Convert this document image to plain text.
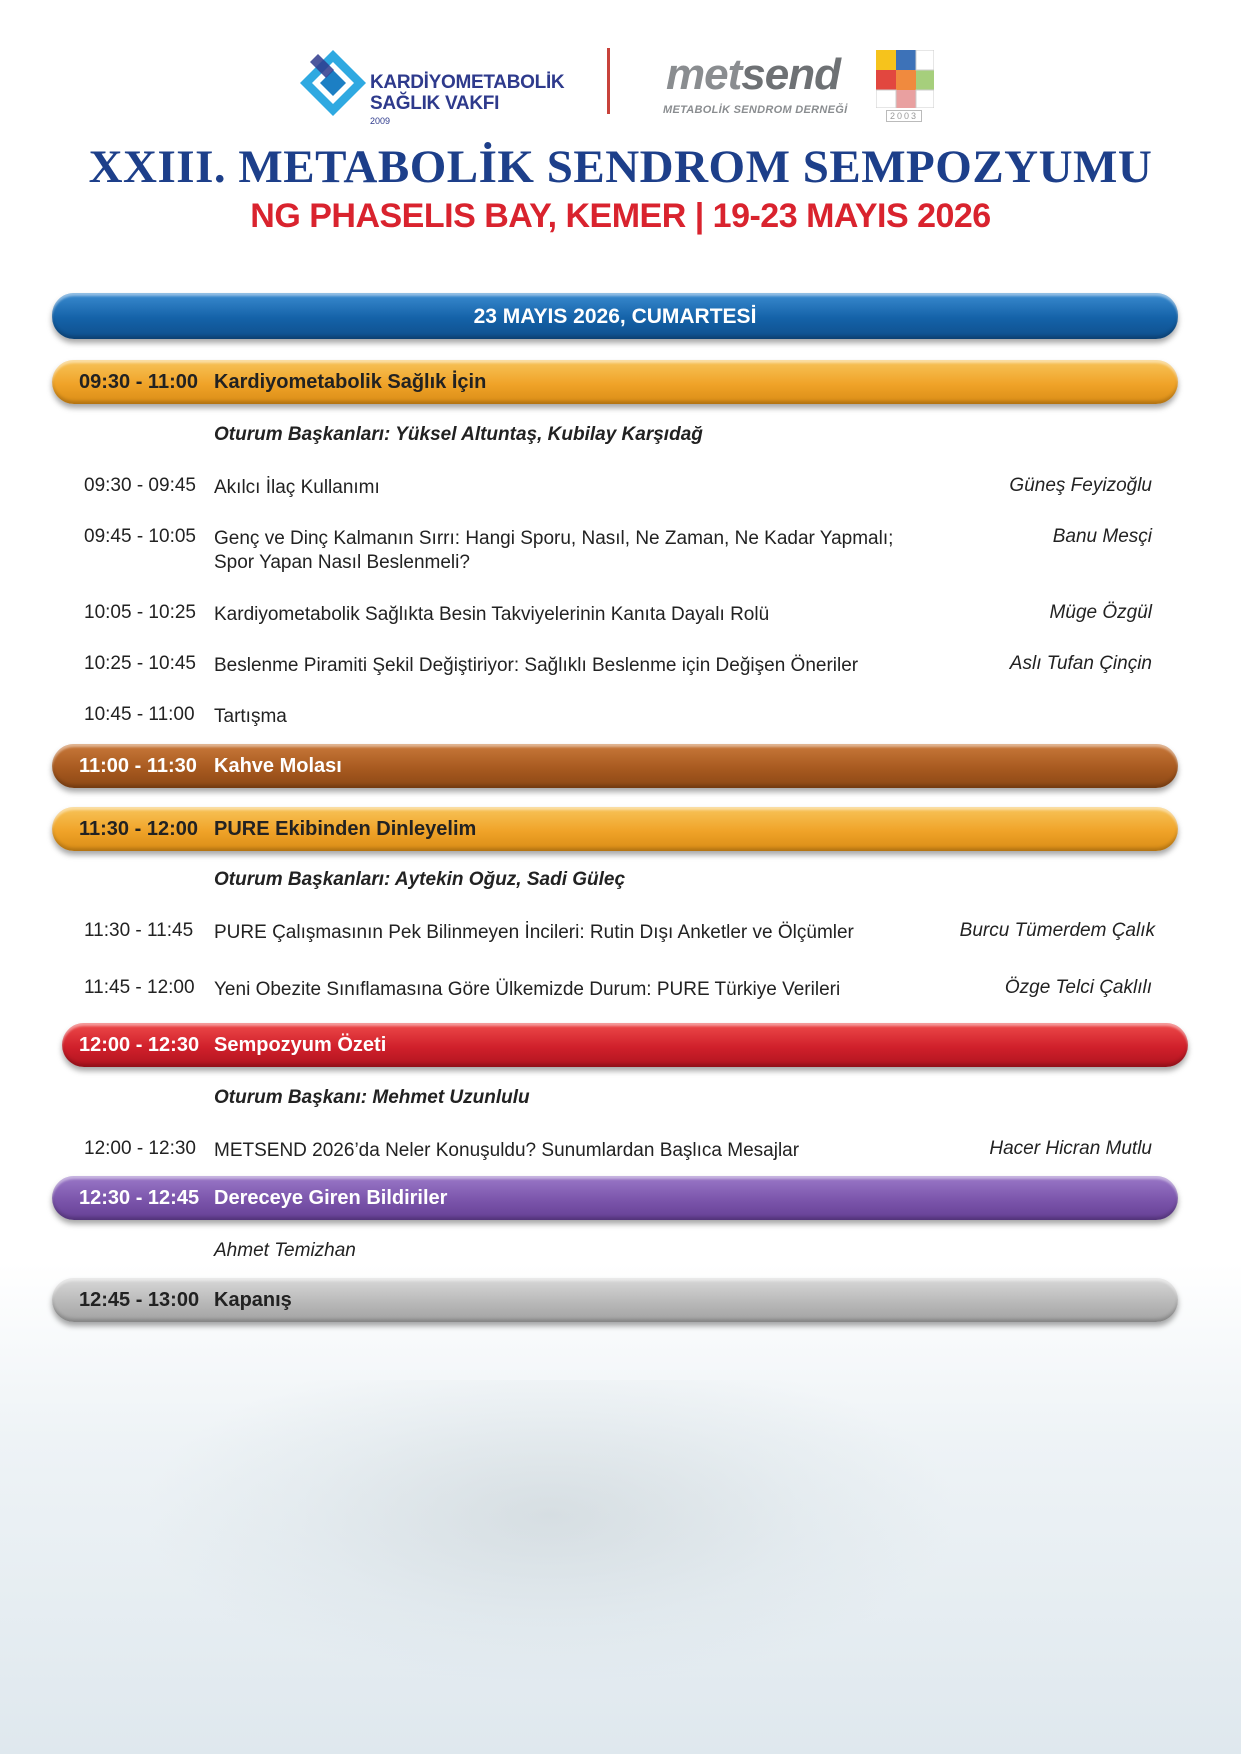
KARDİYOMETABOLİK
SAĞLIK VAKFI
2009
metsend
METABOLİK SENDROM DERNEĞİ	2003
XXIII. METABOLİK SENDROM SEMPOZYUMU
NG PHASELIS BAY, KEMER | 19-23 MAYIS 2026
23 MAYIS 2026, CUMARTESİ
09:30 - 11:00 Kardiyometabolik Sağlık İçin
Oturum Başkanları: Yüksel Altuntaş, Kubilay Karşıdağ
09:30 - 09:45 Akılcı İlaç Kullanımı	Güneş Feyizoğlu
09:45 - 10:05 Genç ve Dinç Kalmanın Sırrı: Hangi Sporu, Nasıl, Ne Zaman, Ne Kadar Yapmalı;	Banu Mesçi
Spor Yapan Nasıl Beslenmeli?
10:05 - 10:25 Kardiyometabolik Sağlıkta Besin Takviyelerinin Kanıta Dayalı Rolü	Müge Özgül
10:25 - 10:45 Beslenme Piramiti Şekil Değiştiriyor: Sağlıklı Beslenme için Değişen Öneriler	Aslı Tufan Çinçin
10:45 - 11:00 Tartışma
11:00 - 11:30 Kahve Molası
11:30 - 12:00 PURE Ekibinden Dinleyelim
Oturum Başkanları: Aytekin Oğuz, Sadi Güleç
11:30 - 11:45 PURE Çalışmasının Pek Bilinmeyen İncileri: Rutin Dışı Anketler ve Ölçümler	Burcu Tümerdem Çalık
11:45 - 12:00 Yeni Obezite Sınıflamasına Göre Ülkemizde Durum: PURE Türkiye Verileri	Özge Telci Çaklılı
12:00 - 12:30 Sempozyum Özeti
Oturum Başkanı: Mehmet Uzunlulu
12:00 - 12:30 METSEND 2026’da Neler Konuşuldu? Sunumlardan Başlıca Mesajlar	Hacer Hicran Mutlu
12:30 - 12:45 Dereceye Giren Bildiriler
Ahmet Temizhan
12:45 - 13:00 Kapanış
